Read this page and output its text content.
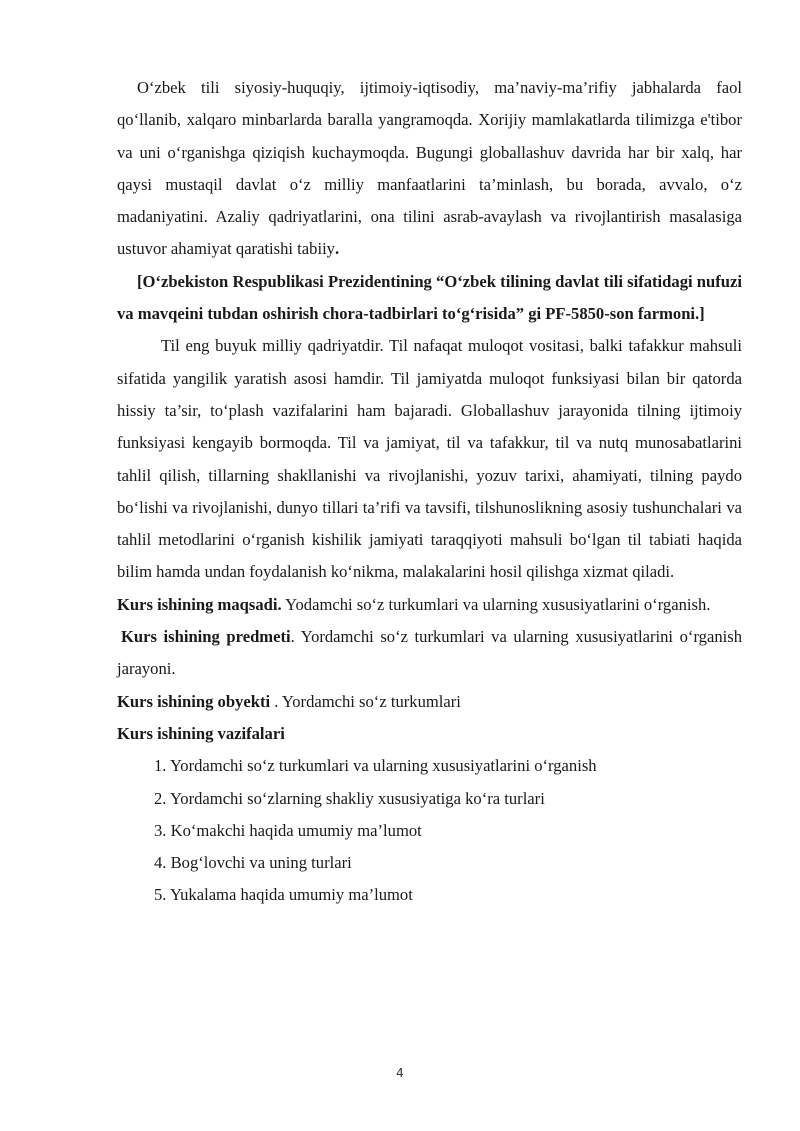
O‘zbek tili siyosiy-huquqiy, ijtimoiy-iqtisodiy, ma’naviy-ma’rifiy jabhalarda faol qo‘llanib, xalqaro minbarlarda baralla yangramoqda. Xorijiy mamlakatlarda tilimizga e'tibor va uni o‘rganishga qiziqish kuchaymoqda. Bugungi globallashuv davrida har bir xalq, har qaysi mustaqil davlat o‘z milliy manfaatlarini ta’minlash, bu borada, avvalo, o‘z madaniyatini. Azaliy qadriyatlarini, ona tilini asrab-avaylash va rivojlantirish masalasiga ustuvor ahamiyat qaratishi tabiiy.
[O‘zbekiston Respublikasi Prezidentining “O‘zbek tilining davlat tili sifatidagi nufuzi va mavqeini tubdan oshirish chora-tadbirlari to‘g‘risida” gi PF-5850-son farmoni.]

Til eng buyuk milliy qadriyatdir. Til nafaqat muloqot vositasi, balki tafakkur mahsuli sifatida yangilik yaratish asosi hamdir. Til jamiyatda muloqot funksiyasi bilan bir qatorda hissiy ta’sir, to‘plash vazifalarini ham bajaradi. Globallashuv jarayonida tilning ijtimoiy funksiyasi kengayib bormoqda. Til va jamiyat, til va tafakkur, til va nutq munosabatlarini tahlil qilish, tillarning shakllanishi va rivojlanishi, yozuv tarixi, ahamiyati, tilning paydo bo‘lishi va rivojlanishi, dunyo tillari ta’rifi va tavsifi, tilshunoslikning asosiy tushunchalari va tahlil metodlarini o‘rganish kishilik jamiyati taraqqiyoti mahsuli bo‘lgan til tabiati haqida bilim hamda undan foydalanish ko‘nikma, malakalarini hosil qilishga xizmat qiladi.

Kurs ishining maqsadi. Yodamchi so‘z turkumlari va ularning xususiyatlarini o‘rganish.

Kurs ishining predmeti. Yordamchi so‘z turkumlari va ularning xususiyatlarini o‘rganish jarayoni.

Kurs ishining obyekti . Yordamchi so‘z turkumlari

Kurs ishining vazifalari

1. Yordamchi so‘z turkumlari va ularning xususiyatlarini o‘rganish
2. Yordamchi so‘zlarning shakliy xususiyatiga ko‘ra turlari
3. Ko‘makchi haqida umumiy ma’lumot
4. Bog‘lovchi va uning turlari
5. Yukalama haqida umumiy ma’lumot
4
